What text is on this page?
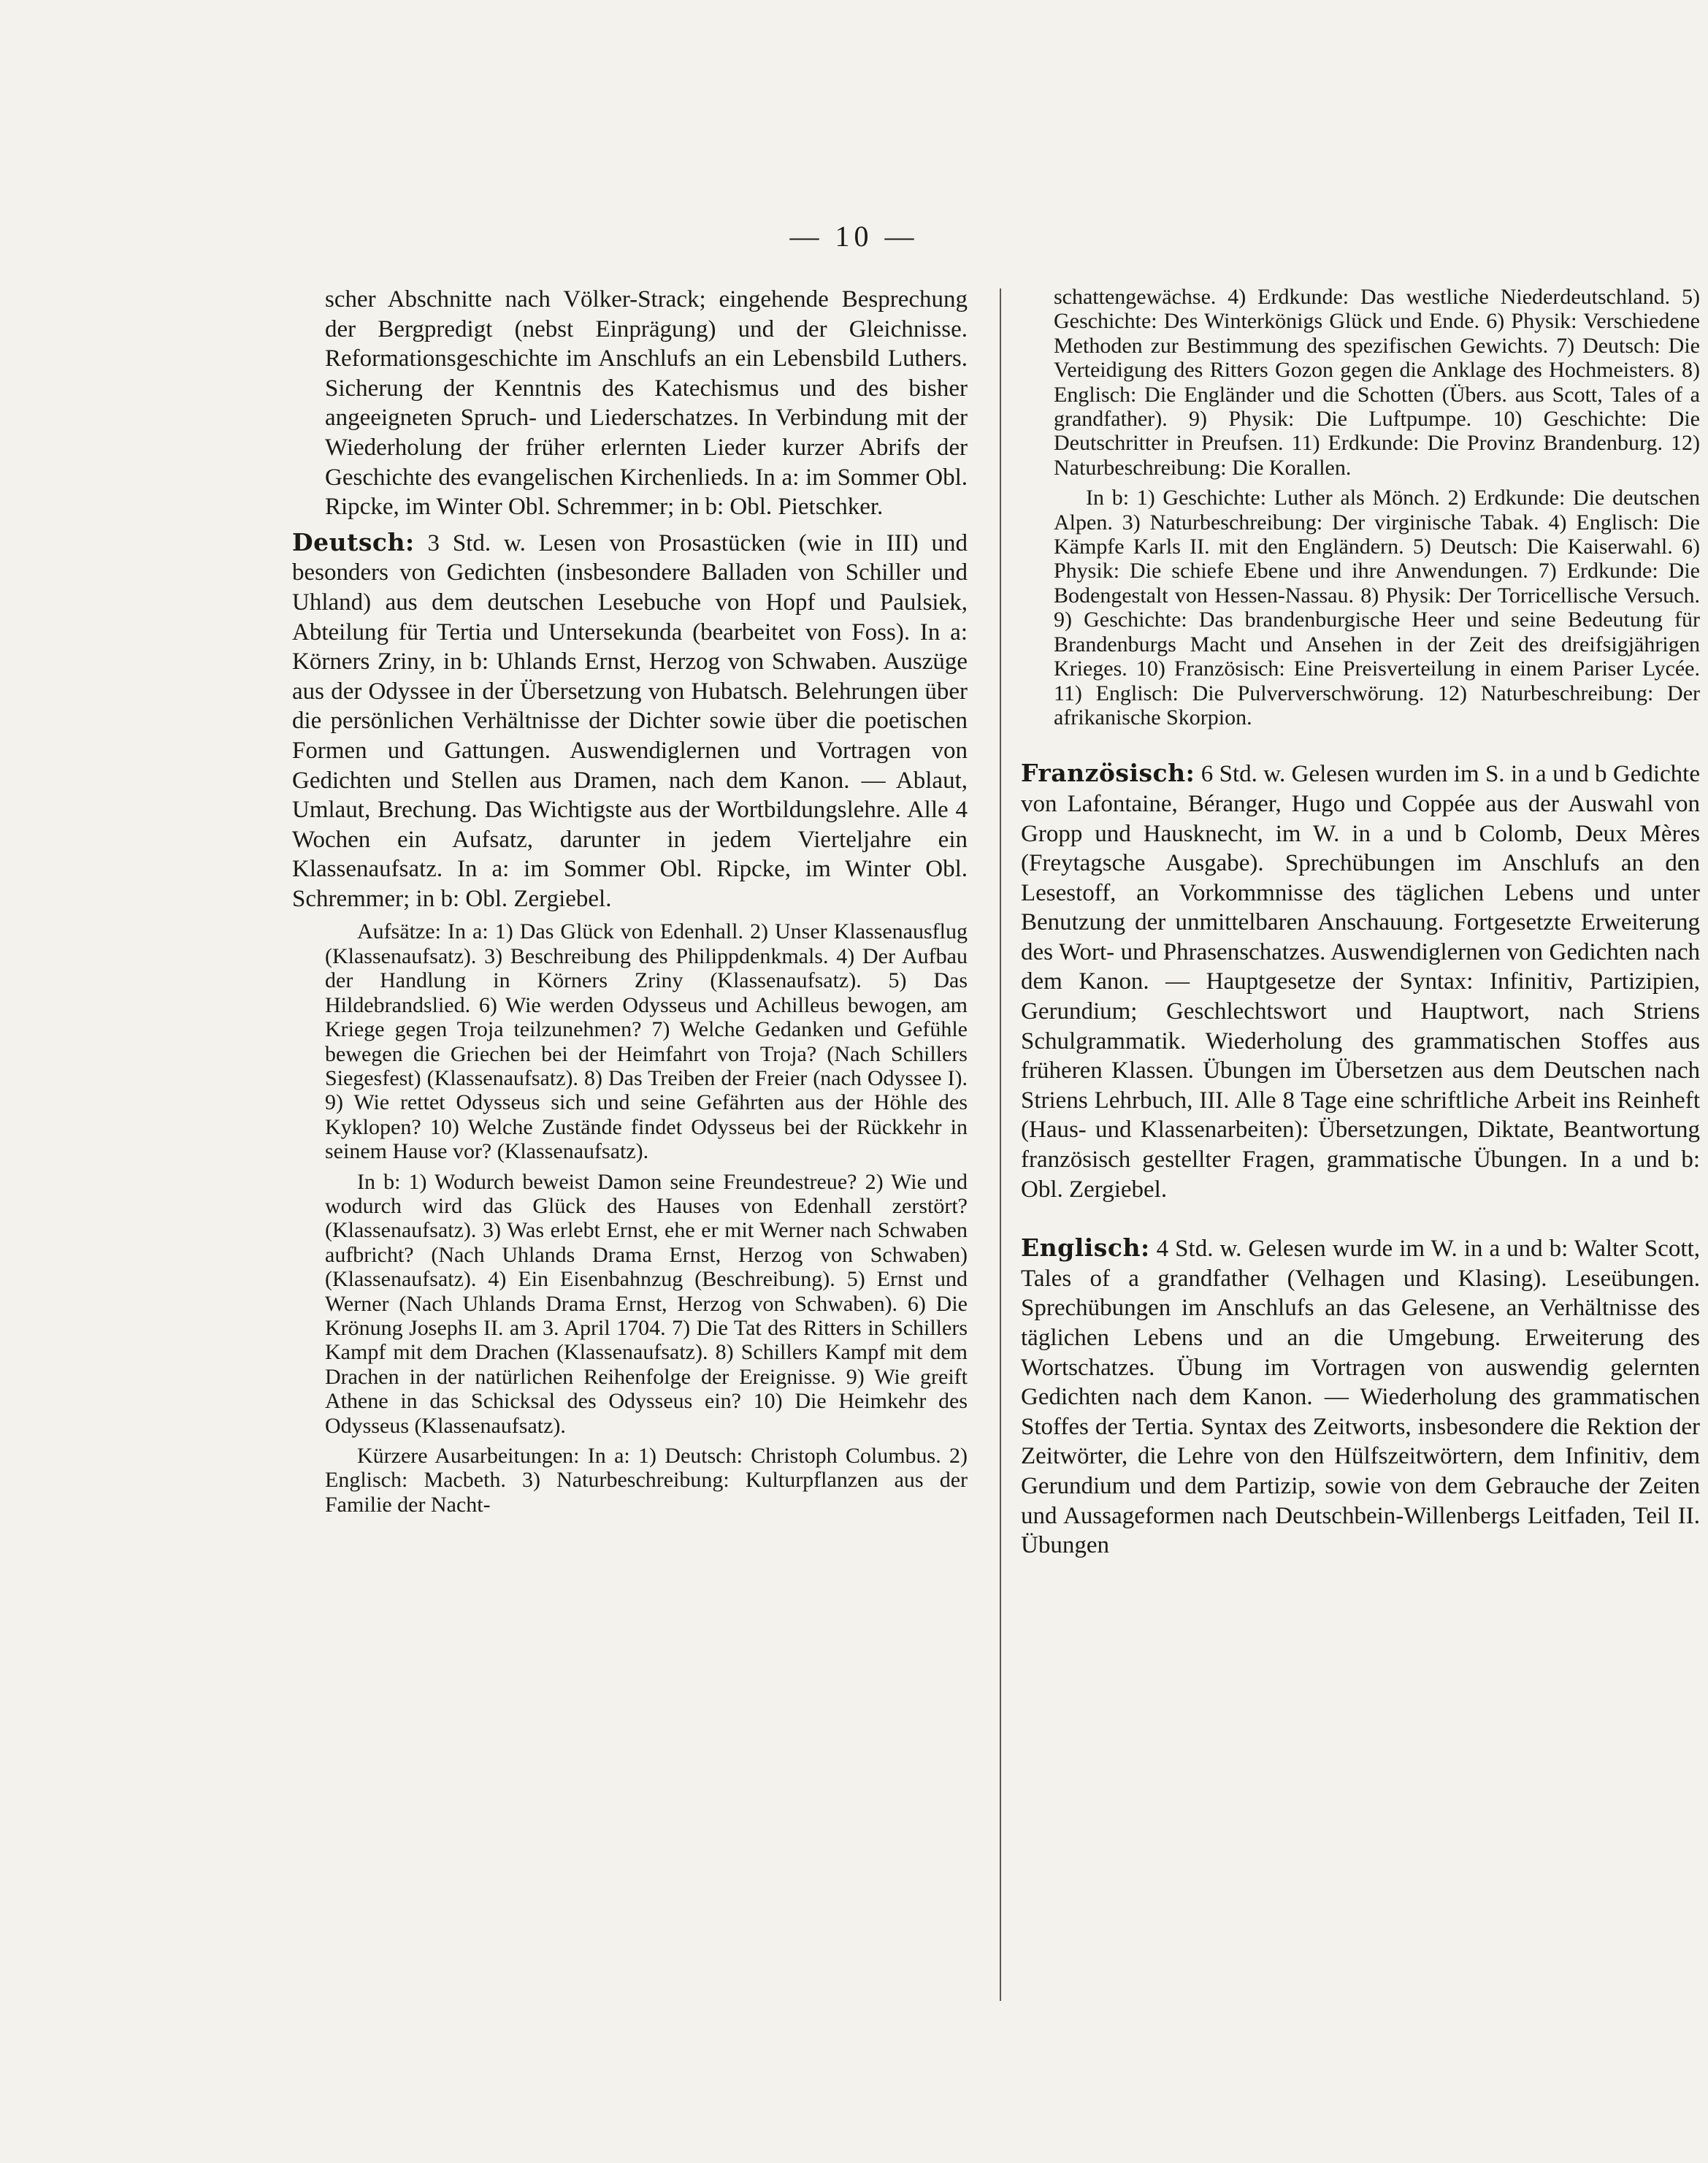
— 10 —

scher Abschnitte nach Völker-Strack; eingehende Besprechung der Bergpredigt (nebst Einprägung) und der Gleichnisse. Reformationsgeschichte im Anschlufs an ein Lebensbild Luthers. Sicherung der Kenntnis des Katechismus und des bisher angeeigneten Spruch- und Liederschatzes. In Verbindung mit der Wiederholung der früher erlernten Lieder kurzer Abrifs der Geschichte des evangelischen Kirchenlieds. In a: im Sommer Obl. Ripcke, im Winter Obl. Schremmer; in b: Obl. Pietschker.

Deutsch: 3 Std. w. Lesen von Prosastücken (wie in III) und besonders von Gedichten (insbesondere Balladen von Schiller und Uhland) aus dem deutschen Lesebuche von Hopf und Paulsiek, Abteilung für Tertia und Untersekunda (bearbeitet von Foss). In a: Körners Zriny, in b: Uhlands Ernst, Herzog von Schwaben. Auszüge aus der Odyssee in der Übersetzung von Hubatsch. Belehrungen über die persönlichen Verhältnisse der Dichter sowie über die poetischen Formen und Gattungen. Auswendiglernen und Vortragen von Gedichten und Stellen aus Dramen, nach dem Kanon. — Ablaut, Umlaut, Brechung. Das Wichtigste aus der Wortbildungslehre. Alle 4 Wochen ein Aufsatz, darunter in jedem Vierteljahre ein Klassenaufsatz. In a: im Sommer Obl. Ripcke, im Winter Obl. Schremmer; in b: Obl. Zergiebel.

Aufsätze: In a: 1) Das Glück von Edenhall. 2) Unser Klassenausflug (Klassenaufsatz). 3) Beschreibung des Philippdenkmals. 4) Der Aufbau der Handlung in Körners Zriny (Klassenaufsatz). 5) Das Hildebrandslied. 6) Wie werden Odysseus und Achilleus bewogen, am Kriege gegen Troja teilzunehmen? 7) Welche Gedanken und Gefühle bewegen die Griechen bei der Heimfahrt von Troja? (Nach Schillers Siegesfest) (Klassenaufsatz). 8) Das Treiben der Freier (nach Odyssee I). 9) Wie rettet Odysseus sich und seine Gefährten aus der Höhle des Kyklopen? 10) Welche Zustände findet Odysseus bei der Rückkehr in seinem Hause vor? (Klassenaufsatz).

In b: 1) Wodurch beweist Damon seine Freundestreue? 2) Wie und wodurch wird das Glück des Hauses von Edenhall zerstört? (Klassenaufsatz). 3) Was erlebt Ernst, ehe er mit Werner nach Schwaben aufbricht? (Nach Uhlands Drama Ernst, Herzog von Schwaben) (Klassenaufsatz). 4) Ein Eisenbahnzug (Beschreibung). 5) Ernst und Werner (Nach Uhlands Drama Ernst, Herzog von Schwaben). 6) Die Krönung Josephs II. am 3. April 1704. 7) Die Tat des Ritters in Schillers Kampf mit dem Drachen (Klassenaufsatz). 8) Schillers Kampf mit dem Drachen in der natürlichen Reihenfolge der Ereignisse. 9) Wie greift Athene in das Schicksal des Odysseus ein? 10) Die Heimkehr des Odysseus (Klassenaufsatz).

Kürzere Ausarbeitungen: In a: 1) Deutsch: Christoph Columbus. 2) Englisch: Macbeth. 3) Naturbeschreibung: Kulturpflanzen aus der Familie der Nacht-

schattengewächse. 4) Erdkunde: Das westliche Niederdeutschland. 5) Geschichte: Des Winterkönigs Glück und Ende. 6) Physik: Verschiedene Methoden zur Bestimmung des spezifischen Gewichts. 7) Deutsch: Die Verteidigung des Ritters Gozon gegen die Anklage des Hochmeisters. 8) Englisch: Die Engländer und die Schotten (Übers. aus Scott, Tales of a grandfather). 9) Physik: Die Luftpumpe. 10) Geschichte: Die Deutschritter in Preufsen. 11) Erdkunde: Die Provinz Brandenburg. 12) Naturbeschreibung: Die Korallen.

In b: 1) Geschichte: Luther als Mönch. 2) Erdkunde: Die deutschen Alpen. 3) Naturbeschreibung: Der virginische Tabak. 4) Englisch: Die Kämpfe Karls II. mit den Engländern. 5) Deutsch: Die Kaiserwahl. 6) Physik: Die schiefe Ebene und ihre Anwendungen. 7) Erdkunde: Die Bodengestalt von Hessen-Nassau. 8) Physik: Der Torricellische Versuch. 9) Geschichte: Das brandenburgische Heer und seine Bedeutung für Brandenburgs Macht und Ansehen in der Zeit des dreifsigjährigen Krieges. 10) Französisch: Eine Preisverteilung in einem Pariser Lycée. 11) Englisch: Die Pulververschwörung. 12) Naturbeschreibung: Der afrikanische Skorpion.

Französisch: 6 Std. w. Gelesen wurden im S. in a und b Gedichte von Lafontaine, Béranger, Hugo und Coppée aus der Auswahl von Gropp und Hausknecht, im W. in a und b Colomb, Deux Mères (Freytagsche Ausgabe). Sprechübungen im Anschlufs an den Lesestoff, an Vorkommnisse des täglichen Lebens und unter Benutzung der unmittelbaren Anschauung. Fortgesetzte Erweiterung des Wort- und Phrasenschatzes. Auswendiglernen von Gedichten nach dem Kanon. — Hauptgesetze der Syntax: Infinitiv, Partizipien, Gerundium; Geschlechtswort und Hauptwort, nach Striens Schulgrammatik. Wiederholung des grammatischen Stoffes aus früheren Klassen. Übungen im Übersetzen aus dem Deutschen nach Striens Lehrbuch, III. Alle 8 Tage eine schriftliche Arbeit ins Reinheft (Haus- und Klassenarbeiten): Übersetzungen, Diktate, Beantwortung französisch gestellter Fragen, grammatische Übungen. In a und b: Obl. Zergiebel.

Englisch: 4 Std. w. Gelesen wurde im W. in a und b: Walter Scott, Tales of a grandfather (Velhagen und Klasing). Leseübungen. Sprechübungen im Anschlufs an das Gelesene, an Verhältnisse des täglichen Lebens und an die Umgebung. Erweiterung des Wortschatzes. Übung im Vortragen von auswendig gelernten Gedichten nach dem Kanon. — Wiederholung des grammatischen Stoffes der Tertia. Syntax des Zeitworts, insbesondere die Rektion der Zeitwörter, die Lehre von den Hülfszeitwörtern, dem Infinitiv, dem Gerundium und dem Partizip, sowie von dem Gebrauche der Zeiten und Aussageformen nach Deutschbein-Willenbergs Leitfaden, Teil II. Übungen
